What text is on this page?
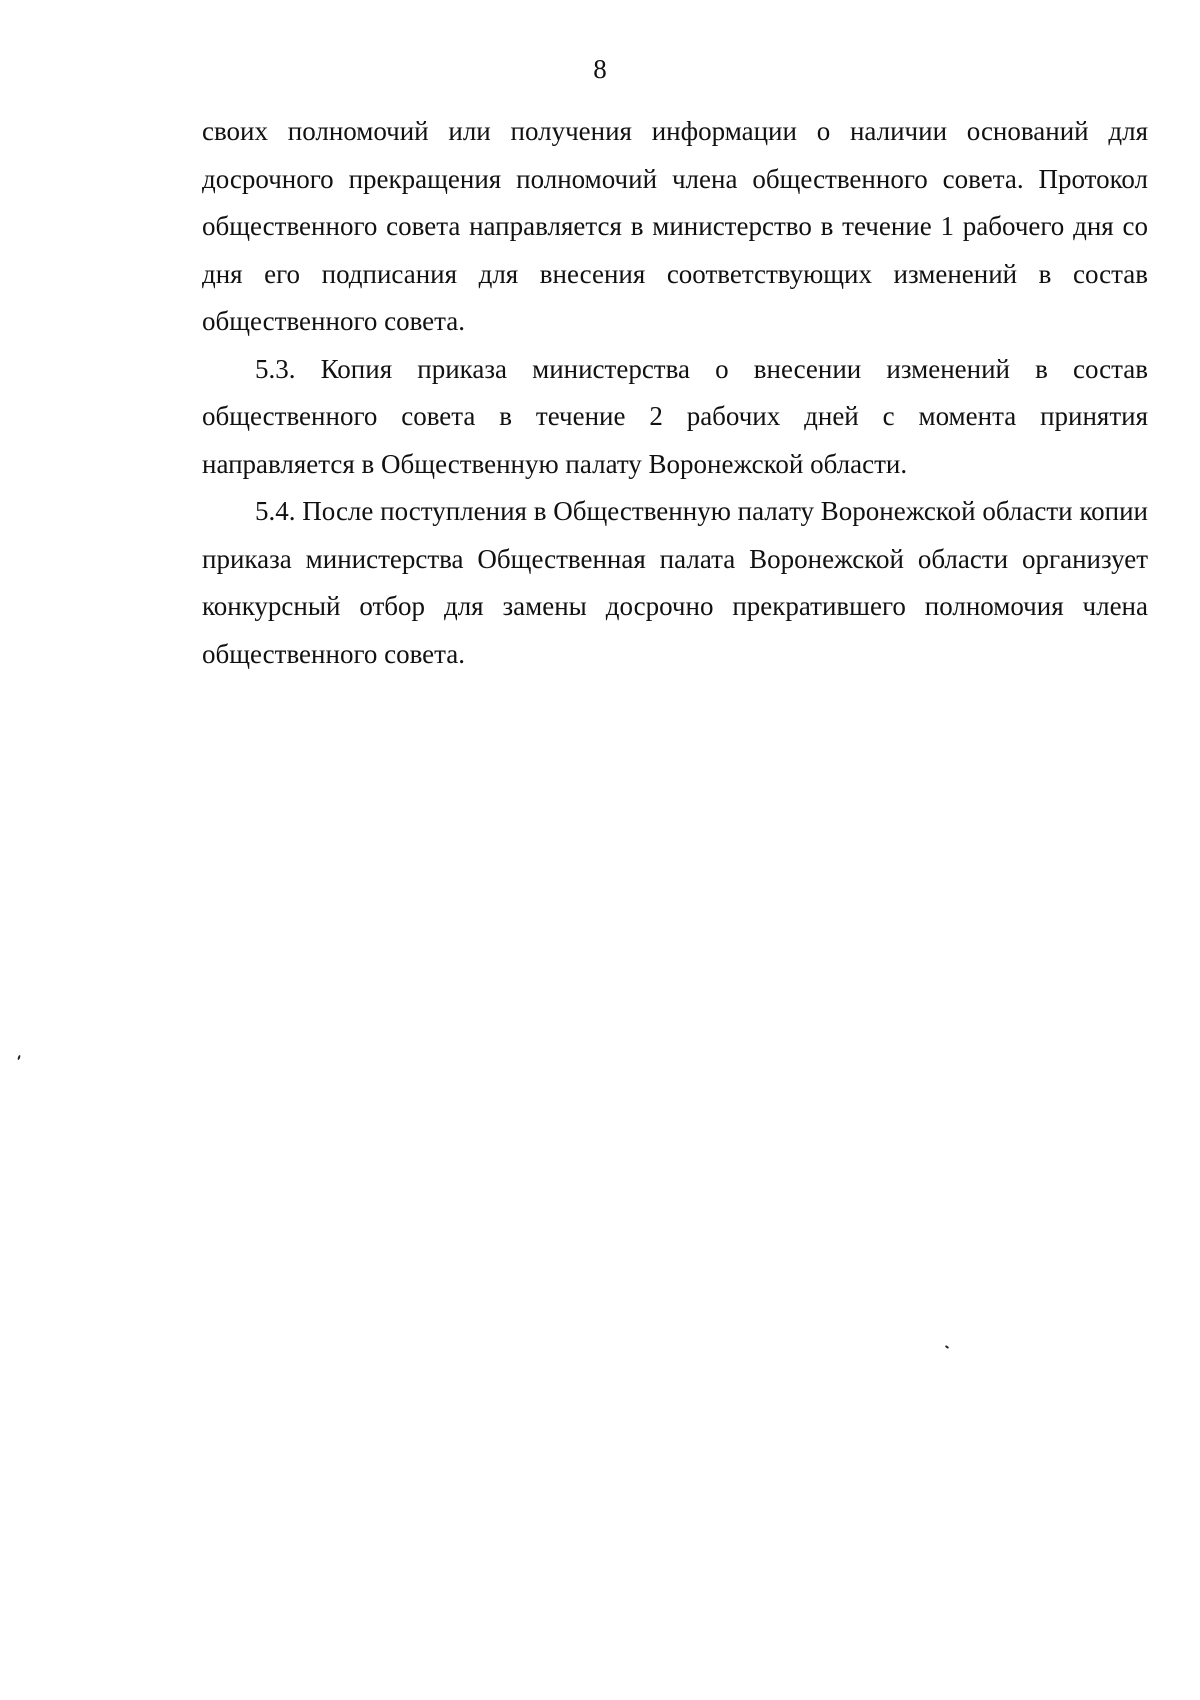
8

своих полномочий или получения информации о наличии оснований для досрочного прекращения полномочий члена общественного совета. Протокол общественного совета направляется в министерство в течение 1 рабочего дня со дня его подписания для внесения соответствующих изменений в состав общественного совета.

5.3. Копия приказа министерства о внесении изменений в состав общественного совета в течение 2 рабочих дней с момента принятия направляется в Общественную палату Воронежской области.

5.4. После поступления в Общественную палату Воронежской области копии приказа министерства Общественная палата Воронежской области организует конкурсный отбор для замены досрочно прекратившего полномочия члена общественного совета.
